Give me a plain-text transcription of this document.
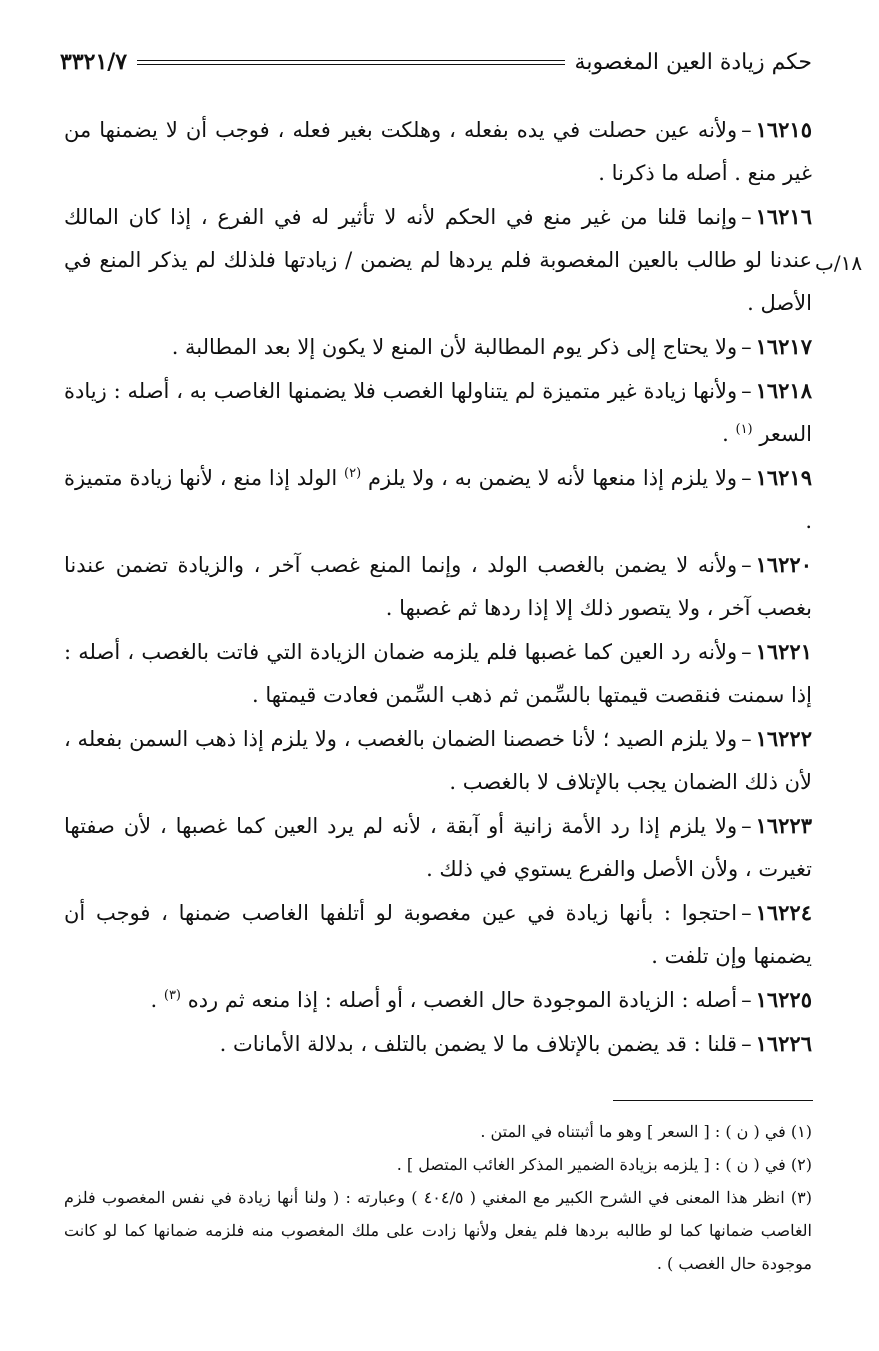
حكم زيادة العين المغصوبة
٣٣٢١/٧
١٨/ب

١٦٢١٥–ولأنه عين حصلت في يده بفعله ، وهلكت بغير فعله ، فوجب أن لا يضمنها من غير منع . أصله ما ذكرنا .

١٦٢١٦–وإنما قلنا من غير منع في الحكم لأنه لا تأثير له في الفرع ، إذا كان المالك عندنا لو طالب بالعين المغصوبة فلم يردها لم يضمن / زيادتها فلذلك لم يذكر المنع في الأصل .

١٦٢١٧–ولا يحتاج إلى ذكر يوم المطالبة لأن المنع لا يكون إلا بعد المطالبة .

١٦٢١٨–ولأنها زيادة غير متميزة لم يتناولها الغصب فلا يضمنها الغاصب به ، أصله : زيادة السعر $^{(١)}$ .

١٦٢١٩–ولا يلزم إذا منعها لأنه لا يضمن به ، ولا يلزم $^{(٢)}$ الولد إذا منع ، لأنها زيادة متميزة .

١٦٢٢٠–ولأنه لا يضمن بالغصب الولد ، وإنما المنع غصب آخر ، والزيادة تضمن عندنا بغصب آخر ، ولا يتصور ذلك إلا إذا ردها ثم غصبها .

١٦٢٢١–ولأنه رد العين كما غصبها فلم يلزمه ضمان الزيادة التي فاتت بالغصب ، أصله : إذا سمنت فنقصت قيمتها بالسِّمن ثم ذهب السِّمن فعادت قيمتها .

١٦٢٢٢–ولا يلزم الصيد ؛ لأنا خصصنا الضمان بالغصب ، ولا يلزم إذا ذهب السمن بفعله ، لأن ذلك الضمان يجب بالإتلاف لا بالغصب .

١٦٢٢٣–ولا يلزم إذا رد الأمة زانية أو آبقة ، لأنه لم يرد العين كما غصبها ، لأن صفتها تغيرت ، ولأن الأصل والفرع يستوي في ذلك .

١٦٢٢٤–احتجوا : بأنها زيادة في عين مغصوبة لو أتلفها الغاصب ضمنها ، فوجب أن يضمنها وإن تلفت .

١٦٢٢٥–أصله : الزيادة الموجودة حال الغصب ، أو أصله : إذا منعه ثم رده $^{(٣)}$ .

١٦٢٢٦–قلنا : قد يضمن بالإتلاف ما لا يضمن بالتلف ، بدلالة الأمانات .

(١) في ( ن ) : [ السعر ] وهو ما أثبتناه في المتن .

(٢) في ( ن ) : [ يلزمه بزيادة الضمير المذكر الغائب المتصل ] .

(٣) انظر هذا المعنى في الشرح الكبير مع المغني ( ٤٠٤/٥ ) وعبارته : ( ولنا أنها زيادة في نفس المغصوب فلزم الغاصب ضمانها كما لو طالبه بردها فلم يفعل ولأنها زادت على ملك المغصوب منه فلزمه ضمانها كما لو كانت موجودة حال الغصب ) .
